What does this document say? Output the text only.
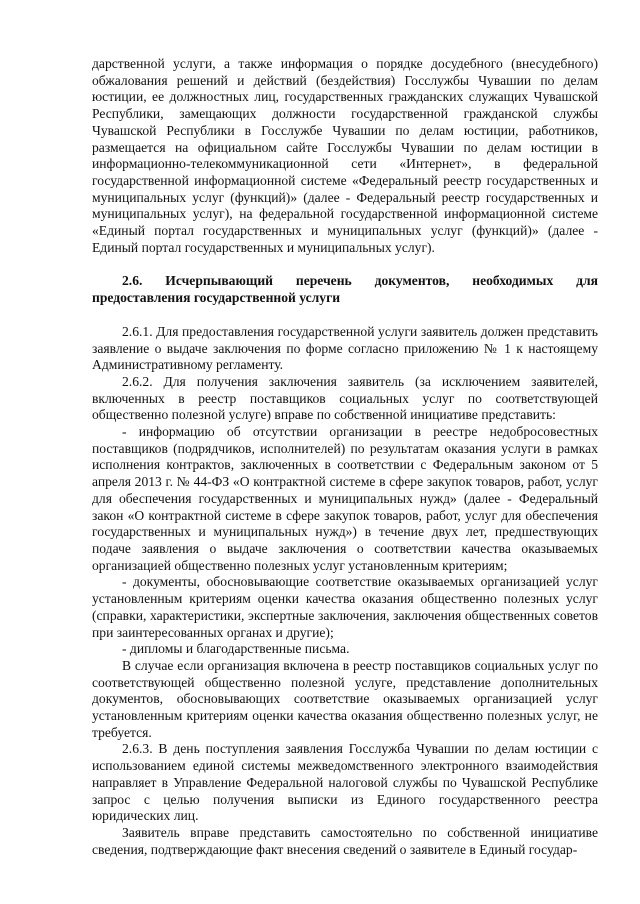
дарственной услуги, а также информация о порядке досудебного (внесудебного) обжалования решений и действий (бездействия) Госслужбы Чувашии по делам юстиции, ее должностных лиц, государственных гражданских служащих Чувашской Республики, замещающих должности государственной гражданской службы Чувашской Республики в Госслужбе Чувашии по делам юстиции, работников, размещается на официальном сайте Госслужбы Чувашии по делам юстиции в информационно-телекоммуникационной сети «Интернет», в федеральной государственной информационной системе «Федеральный реестр государственных и муниципальных услуг (функций)» (далее - Федеральный реестр государственных и муниципальных услуг), на федеральной государственной информационной системе «Единый портал государственных и муниципальных услуг (функций)» (далее - Единый портал государственных и муниципальных услуг).

2.6. Исчерпывающий перечень документов, необходимых для предоставления государственной услуги

2.6.1. Для предоставления государственной услуги заявитель должен представить заявление о выдаче заключения по форме согласно приложению № 1 к настоящему Административному регламенту.

2.6.2. Для получения заключения заявитель (за исключением заявителей, включенных в реестр поставщиков социальных услуг по соответствующей общественно полезной услуге) вправе по собственной инициативе представить:

- информацию об отсутствии организации в реестре недобросовестных поставщиков (подрядчиков, исполнителей) по результатам оказания услуги в рамках исполнения контрактов, заключенных в соответствии с Федеральным законом от 5 апреля 2013 г. № 44-ФЗ «О контрактной системе в сфере закупок товаров, работ, услуг для обеспечения государственных и муниципальных нужд» (далее - Федеральный закон «О контрактной системе в сфере закупок товаров, работ, услуг для обеспечения государственных и муниципальных нужд») в течение двух лет, предшествующих подаче заявления о выдаче заключения о соответствии качества оказываемых организацией общественно полезных услуг установленным критериям;

- документы, обосновывающие соответствие оказываемых организацией услуг установленным критериям оценки качества оказания общественно полезных услуг (справки, характеристики, экспертные заключения, заключения общественных советов при заинтересованных органах и другие);

- дипломы и благодарственные письма.

В случае если организация включена в реестр поставщиков социальных услуг по соответствующей общественно полезной услуге, представление дополнительных документов, обосновывающих соответствие оказываемых организацией услуг установленным критериям оценки качества оказания общественно полезных услуг, не требуется.

2.6.3. В день поступления заявления Госслужба Чувашии по делам юстиции с использованием единой системы межведомственного электронного взаимодействия направляет в Управление Федеральной налоговой службы по Чувашской Республике запрос с целью получения выписки из Единого государственного реестра юридических лиц.

Заявитель вправе представить самостоятельно по собственной инициативе сведения, подтверждающие факт внесения сведений о заявителе в Единый государ-
